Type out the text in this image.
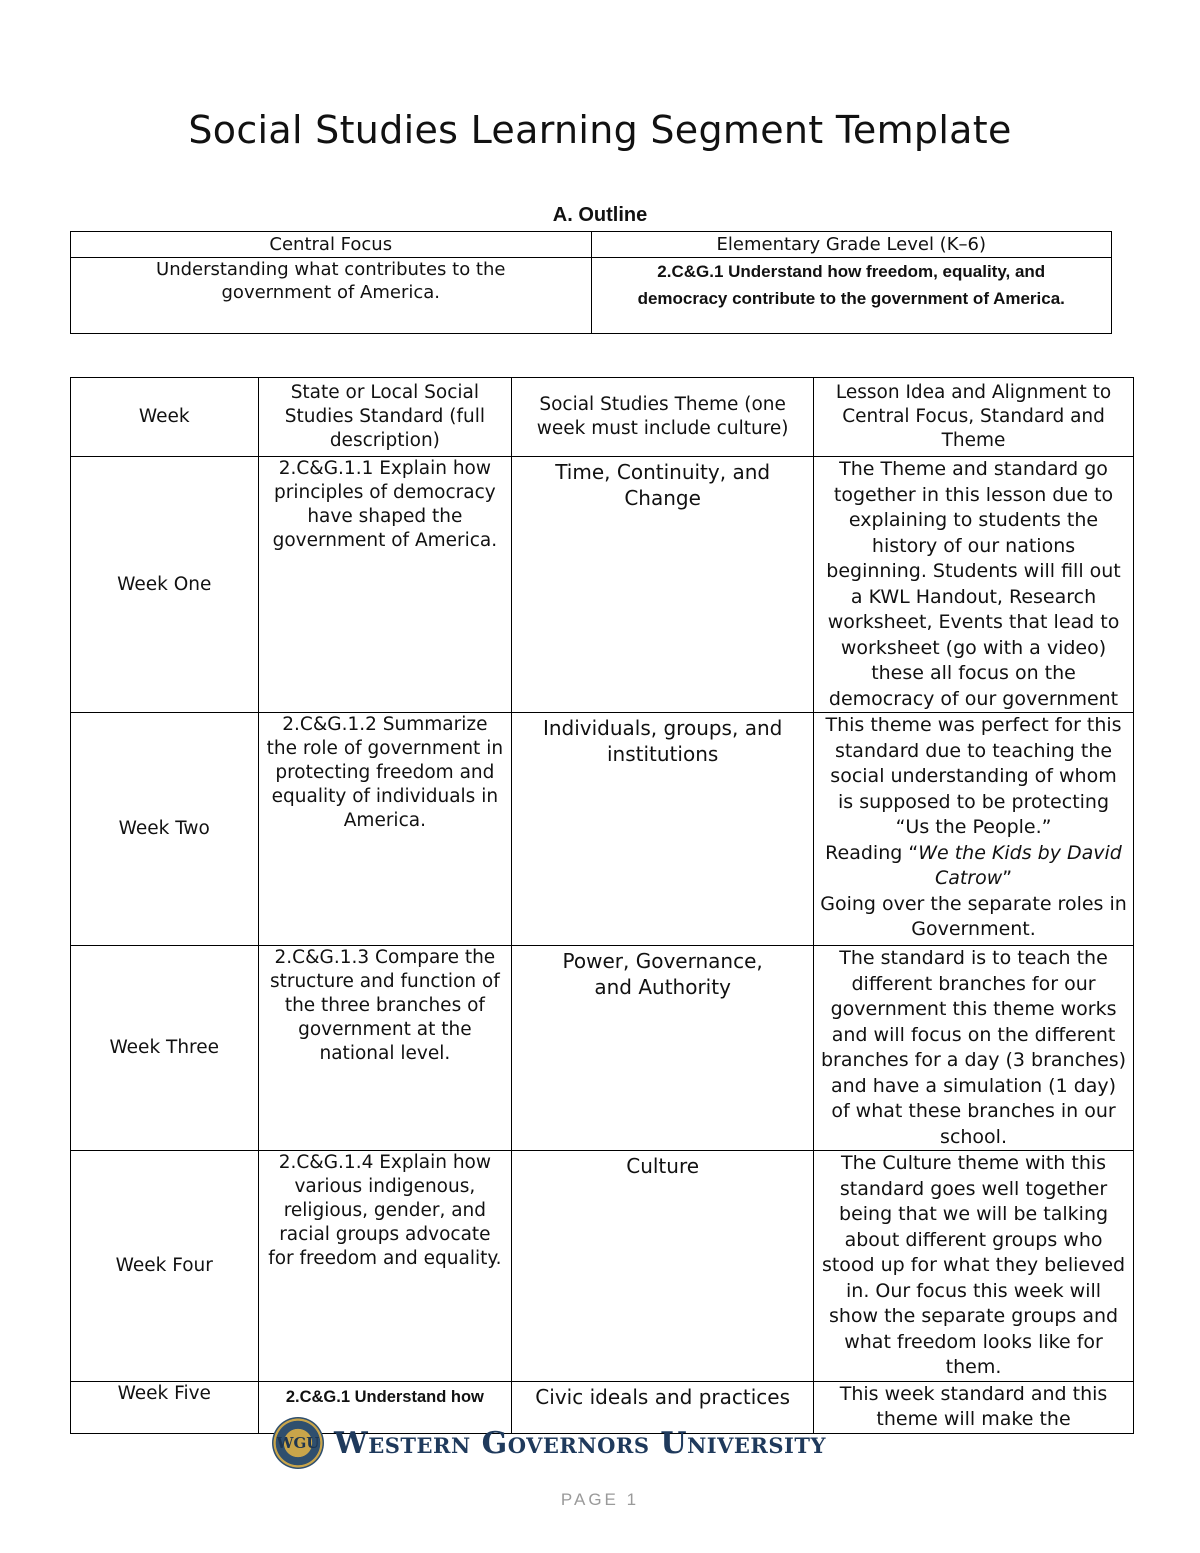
Social Studies Learning Segment Template
A. Outline
Central Focus	Elementary Grade Level (K–6)

Understanding what contributes to the government of America.	2.C&G.1 Understand how freedom, equality, and democracy contribute to the government of America.
Week	State or Local Social Studies Standard (full description)	Social Studies Theme (one week must include culture)	Lesson Idea and Alignment to Central Focus, Standard and Theme
Week One	2.C&G.1.1 Explain how principles of democracy have shaped the government of America.	Time, Continuity, and Change	The Theme and standard go together in this lesson due to explaining to students the history of our nations beginning. Students will fill out a KWL Handout, Research worksheet, Events that lead to worksheet (go with a video) these all focus on the democracy of our government
Week Two	2.C&G.1.2 Summarize the role of government in protecting freedom and equality of individuals in America.	Individuals, groups, and institutions	This theme was perfect for this standard due to teaching the social understanding of whom is supposed to be protecting “Us the People.”
Reading “We the Kids by David Catrow”
Going over the separate roles in Government.

Week Three	2.C&G.1.3 Compare the structure and function of the three branches of government at the national level.	Power, Governance, and Authority	The standard is to teach the different branches for our government this theme works and will focus on the different branches for a day (3 branches) and have a simulation (1 day) of what these branches in our school.
Week Four	2.C&G.1.4 Explain how various indigenous, religious, gender, and racial groups advocate for freedom and equality.	Culture	The Culture theme with this standard goes well together being that we will be talking about different groups who stood up for what they believed in. Our focus this week will show the separate groups and what freedom looks like for them.
Week Five	2.C&G.1 Understand how	Civic ideals and practices	This week standard and this theme will make the
WGU Western Governors University
PAGE 1
